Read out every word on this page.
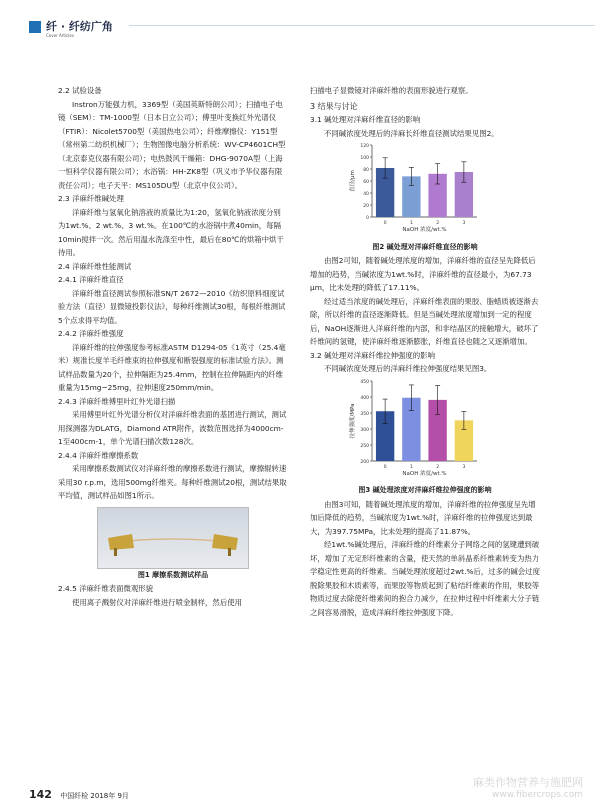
纤 · 纤纺广角
Cover Articles

2.2 试验设备

Instron万能强力机，3369型（美国英斯特朗公司）；扫描电子电镜（SEM）：TM-1000型（日本日立公司）；傅里叶变换红外光谱仪（FTIR）：Nicolet5700型（美国热电公司）；纤维摩擦仪：Y151型（常州第二纺织机械厂）；生物图像电脑分析系统：WV-CP4601CH型（北京泰克仪器有限公司）；电热鼓风干燥箱：DHG-9070A型（上海一恒科学仪器有限公司）；水浴锅：HH-ZK8型（巩义市予华仪器有限责任公司）；电子天平：MS105DU型（北京中仪公司）。

2.3 洋麻纤维碱处理

洋麻纤维与氢氧化钠溶液的质量比为1:20，氢氧化钠液浓度分别为1wt.%、2 wt.%、3 wt.%。在100℃的水浴锅中煮40min，每隔10min搅拌一次。然后用温水洗涤至中性，最后在80℃的烘箱中烘干待用。

2.4 洋麻纤维性能测试

2.4.1 洋麻纤维直径

洋麻纤维直径测试参照标准SN/T 2672—2010《纺织原料细度试验方法（直径）显微镜投影仪法》，每种纤维测试30根，每根纤维测试5个点求得平均值。

2.4.2 洋麻纤维强度

洋麻纤维的拉伸强度参考标准ASTM D1294-05《1英寸（25.4毫米）规准长度羊毛纤维束的拉伸强度和断裂强度的标准试验方法》。测试样品数量为20个，拉伸隔距为25.4mm，控制在拉伸隔距内的纤维重量为15mg~25mg，拉伸速度250mm/min。

2.4.3 洋麻纤维傅里叶红外光谱扫描

采用傅里叶红外光谱分析仪对洋麻纤维表面的基团进行测试，测试用探测器为DLATG，Diamond ATR附件，波数范围选择为4000cm-1至400cm-1，单个光谱扫描次数128次。

2.4.4 洋麻纤维摩擦系数

采用摩擦系数测试仪对洋麻纤维的摩擦系数进行测试，摩擦辊转速采用30 r.p.m，选用500mg纤维夹。每种纤维测试20根，测试结果取平均值，测试样品如图1所示。

图1 摩擦系数测试样品

2.4.5 洋麻纤维表面微观形貌

使用离子溅射仪对洋麻纤维进行喷金制样，然后使用

扫描电子显微镜对洋麻纤维的表面形貌进行观察。

3 结果与讨论

3.1 碱处理对洋麻纤维直径的影响

不同碱浓度处理后的洋麻长纤维直径测试结果见图2。

0
20
40
60
80
100
120
直径/μm
0	1	2	3
NaOH 浓度/wt.%

图2 碱处理对洋麻纤维直径的影响

由图2可知，随着碱处理浓度的增加，洋麻纤维的直径呈先降低后增加的趋势，当碱浓度为1wt.%时，洋麻纤维的直径最小，为67.73 μm，比未处理的降低了17.11%。

经过适当浓度的碱处理后，洋麻纤维表面的果胶、脂蜡质被逐渐去除，所以纤维的直径逐渐降低。但是当碱处理浓度增加到一定的程度后，NaOH逐渐进入洋麻纤维的内部，和非结晶区的接触增大，破坏了纤维间的氢键，使洋麻纤维逐渐膨胀，纤维直径也随之又逐渐增加。

3.2 碱处理对洋麻纤维拉伸强度的影响

不同碱浓度处理后的洋麻纤维拉伸强度结果见图3。

200
250
300
350
400
450
拉伸强度/MPa
0	1	2	3
NaOH 浓度/wt.%

图3 碱处理浓度对洋麻纤维拉伸强度的影响

由图3可知，随着碱处理浓度的增加，洋麻纤维的拉伸强度呈先增加后降低的趋势，当碱浓度为1wt.%时，洋麻纤维的拉伸强度达到最大，为397.75MPa，比未处理的提高了11.87%。

经1wt.%碱处理后，洋麻纤维的纤维素分子网络之间的氢键遭到破坏，增加了无定形纤维素的含量，使天然的单斜晶系纤维素转变为热力学稳定性更高的纤维素。当碱处理浓度超过2wt.%后，过多的碱会过度脱除果胶和木质素等，而果胶等物质起到了粘结纤维素的作用，果胶等物质过度去除使纤维素间的抱合力减少，在拉伸过程中纤维素大分子链之间容易滑脱，造成洋麻纤维拉伸强度下降。

142 中国纤检 2018年 9月
麻类作物营养与施肥网
www.fibercrops.com
